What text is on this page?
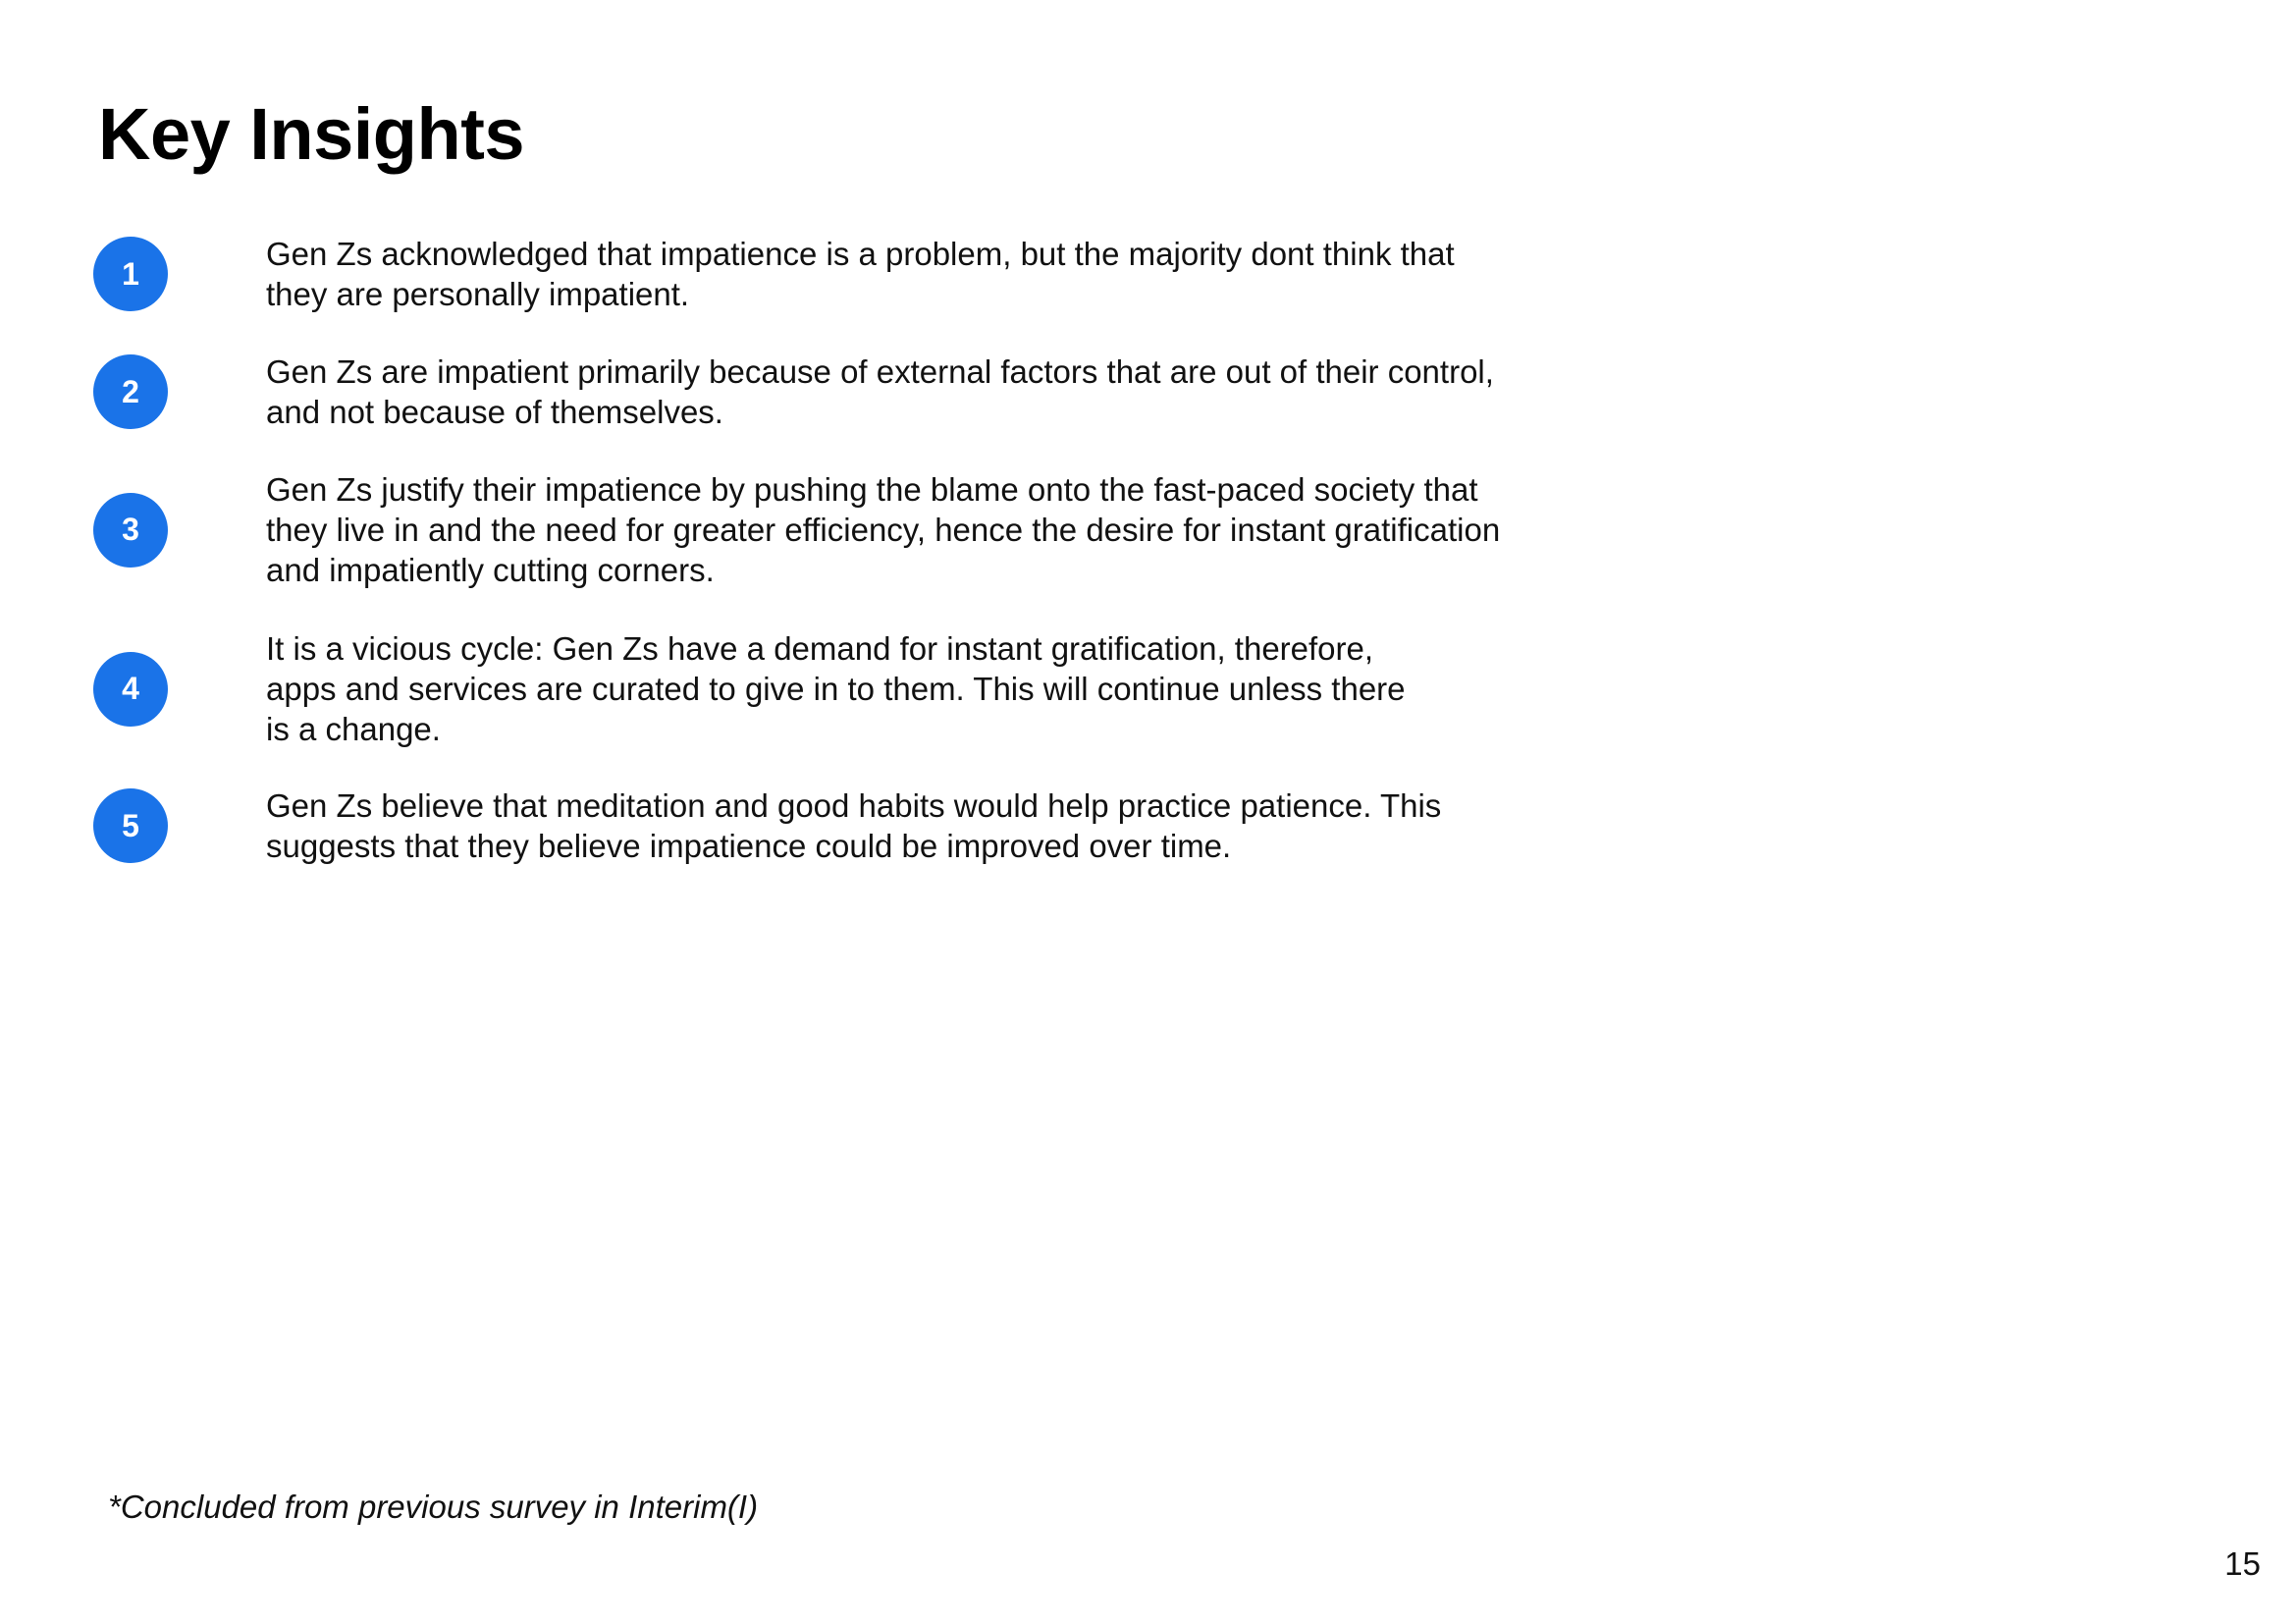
Key Insights
1
Gen Zs acknowledged that impatience is a problem, but the majority dont think that
they are personally impatient.
2
Gen Zs are impatient primarily because of external factors that are out of their control,
and not because of themselves.
3
Gen Zs justify their impatience by pushing the blame onto the fast-paced society that
they live in and the need for greater efficiency, hence the desire for instant gratification
and impatiently cutting corners.
4
It is a vicious cycle: Gen Zs have a demand for instant gratification, therefore,
apps and services are curated to give in to them. This will continue unless there
is a change.
5
Gen Zs believe that meditation and good habits would help practice patience. This
suggests that they believe impatience could be improved over time.
*Concluded from previous survey in Interim(I)
15
